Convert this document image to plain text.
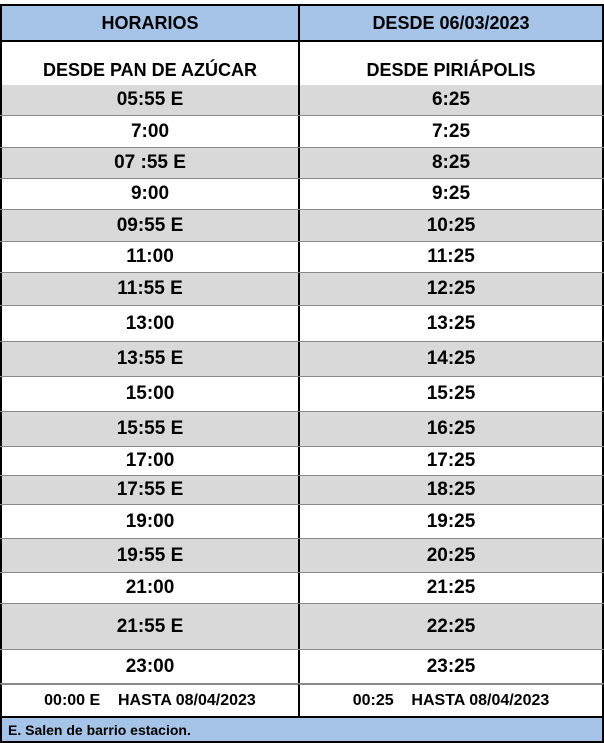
HORARIOS	DESDE 06/03/2023
DESDE PAN DE AZÚCAR	DESDE PIRIÁPOLIS
05:55 E	6:25
7:00	7:25
07 :55 E	8:25
9:00	9:25
09:55 E	10:25
11:00	11:25
11:55 E	12:25
13:00	13:25
13:55 E	14:25
15:00	15:25
15:55 E	16:25
17:00	17:25
17:55 E	18:25
19:00	19:25
19:55 E	20:25
21:00	21:25
21:55 E	22:25
23:00	23:25
00:00 E    HASTA 08/04/2023	00:25    HASTA 08/04/2023
E. Salen de barrio estacion.
